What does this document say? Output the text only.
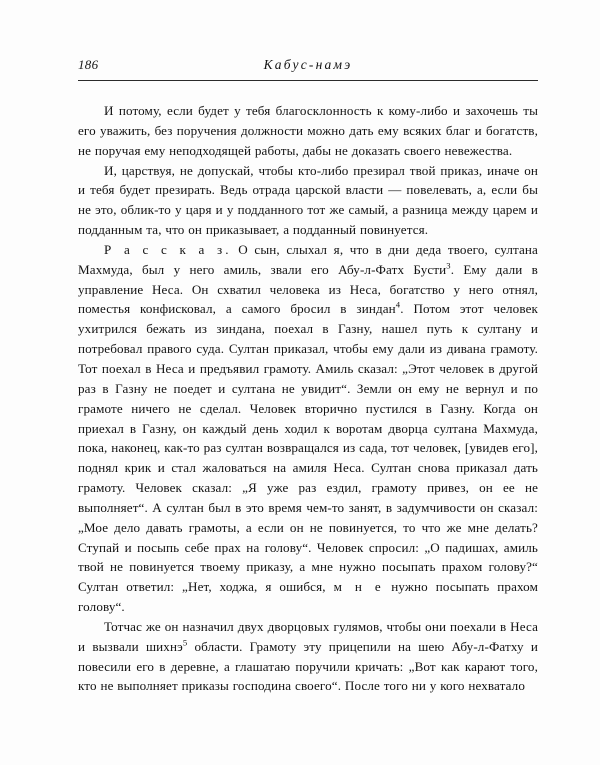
186	Кабус-намэ

И потому, если будет у тебя благосклонность к кому-либо и захочешь ты его уважить, без поручения должности можно дать ему всяких благ и богатств, не поручая ему неподходящей работы, дабы не доказать своего невежества.

И, царствуя, не допускай, чтобы кто-либо презирал твой приказ, иначе он и тебя будет презирать. Ведь отрада царской власти — повелевать, а, если бы не это, облик-то у царя и у подданного тот же самый, а разница между царем и подданным та, что он приказывает, а подданный повинуется.

Р а с с к а з. О сын, слыхал я, что в дни деда твоего, султана Махмуда, был у него амиль, звали его Абу-л-Фатх Бусти$^3$. Ему дали в управление Неса. Он схватил человека из Неса, богатство у него отнял, поместья конфисковал, а самого бросил в зиндан$^4$. Потом этот человек ухитрился бежать из зиндана, поехал в Газну, нашел путь к султану и потребовал правого суда. Султан приказал, чтобы ему дали из дивана грамоту. Тот поехал в Неса и предъявил грамоту. Амиль сказал: „Этот человек в другой раз в Газну не поедет и султана не увидит“. Земли он ему не вернул и по грамоте ничего не сделал. Человек вторично пустился в Газну. Когда он приехал в Газну, он каждый день ходил к воротам дворца султана Махмуда, пока, наконец, как-то раз султан возвращался из сада, тот человек, [увидев его], поднял крик и стал жаловаться на амиля Неса. Султан снова приказал дать грамоту. Человек сказал: „Я уже раз ездил, грамоту привез, он ее не выполняет“. А султан был в это время чем-то занят, в задумчивости он сказал: „Мое дело давать грамоты, а если он не повинуется, то что же мне делать? Ступай и посыпь себе прах на голову“. Человек спросил: „О падишах, амиль твой не повинуется твоему приказу, а мне нужно посыпать прахом голову?“ Султан ответил: „Нет, ходжа, я ошибся, м н е нужно посыпать прахом голову“.

Тотчас же он назначил двух дворцовых гулямов, чтобы они поехали в Неса и вызвали шихнэ$^5$ области. Грамоту эту прицепили на шею Абу-л-Фатху и повесили его в деревне, а глашатаю поручили кричать: „Вот как карают того, кто не выполняет приказы господина своего“. После того ни у кого нехватало
